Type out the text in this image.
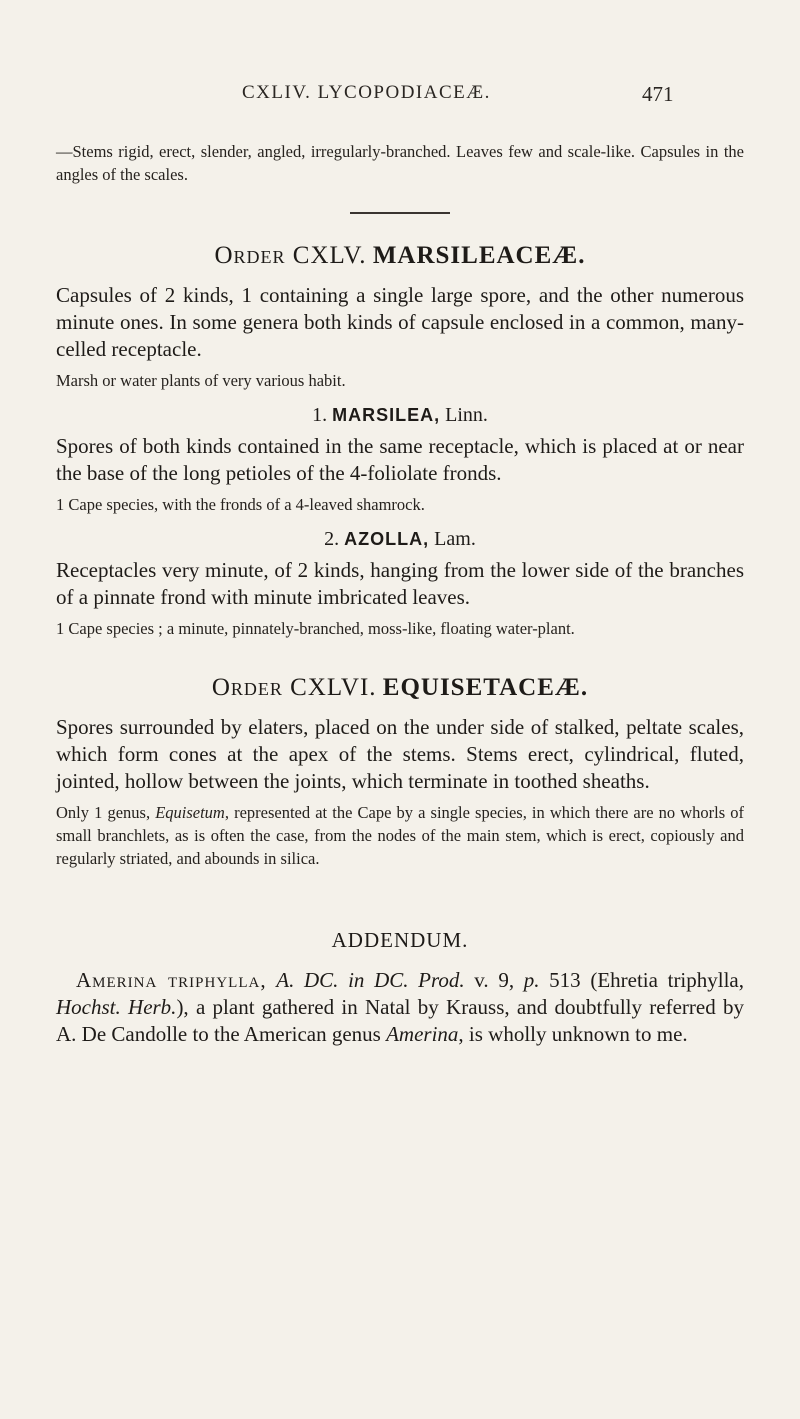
CXLIV. LYCOPODIACEÆ.	471

—Stems rigid, erect, slender, angled, irregularly-branched. Leaves few and scale-like. Capsules in the angles of the scales.

Order CXLV. MARSILEACEÆ.

Capsules of 2 kinds, 1 containing a single large spore, and the other numerous minute ones. In some genera both kinds of capsule enclosed in a common, many-celled receptacle.

Marsh or water plants of very various habit.

1. MARSILEA, Linn.

Spores of both kinds contained in the same receptacle, which is placed at or near the base of the long petioles of the 4-foliolate fronds.

1 Cape species, with the fronds of a 4-leaved shamrock.

2. AZOLLA, Lam.

Receptacles very minute, of 2 kinds, hanging from the lower side of the branches of a pinnate frond with minute imbricated leaves.

1 Cape species ; a minute, pinnately-branched, moss-like, floating water-plant.

Order CXLVI. EQUISETACEÆ.

Spores surrounded by elaters, placed on the under side of stalked, peltate scales, which form cones at the apex of the stems. Stems erect, cylindrical, fluted, jointed, hollow between the joints, which terminate in toothed sheaths.

Only 1 genus, Equisetum, represented at the Cape by a single species, in which there are no whorls of small branchlets, as is often the case, from the nodes of the main stem, which is erect, copiously and regularly striated, and abounds in silica.

ADDENDUM.

Amerina triphylla, A. DC. in DC. Prod. v. 9, p. 513 (Ehretia triphylla, Hochst. Herb.), a plant gathered in Natal by Krauss, and doubtfully referred by A. De Candolle to the American genus Amerina, is wholly unknown to me.
